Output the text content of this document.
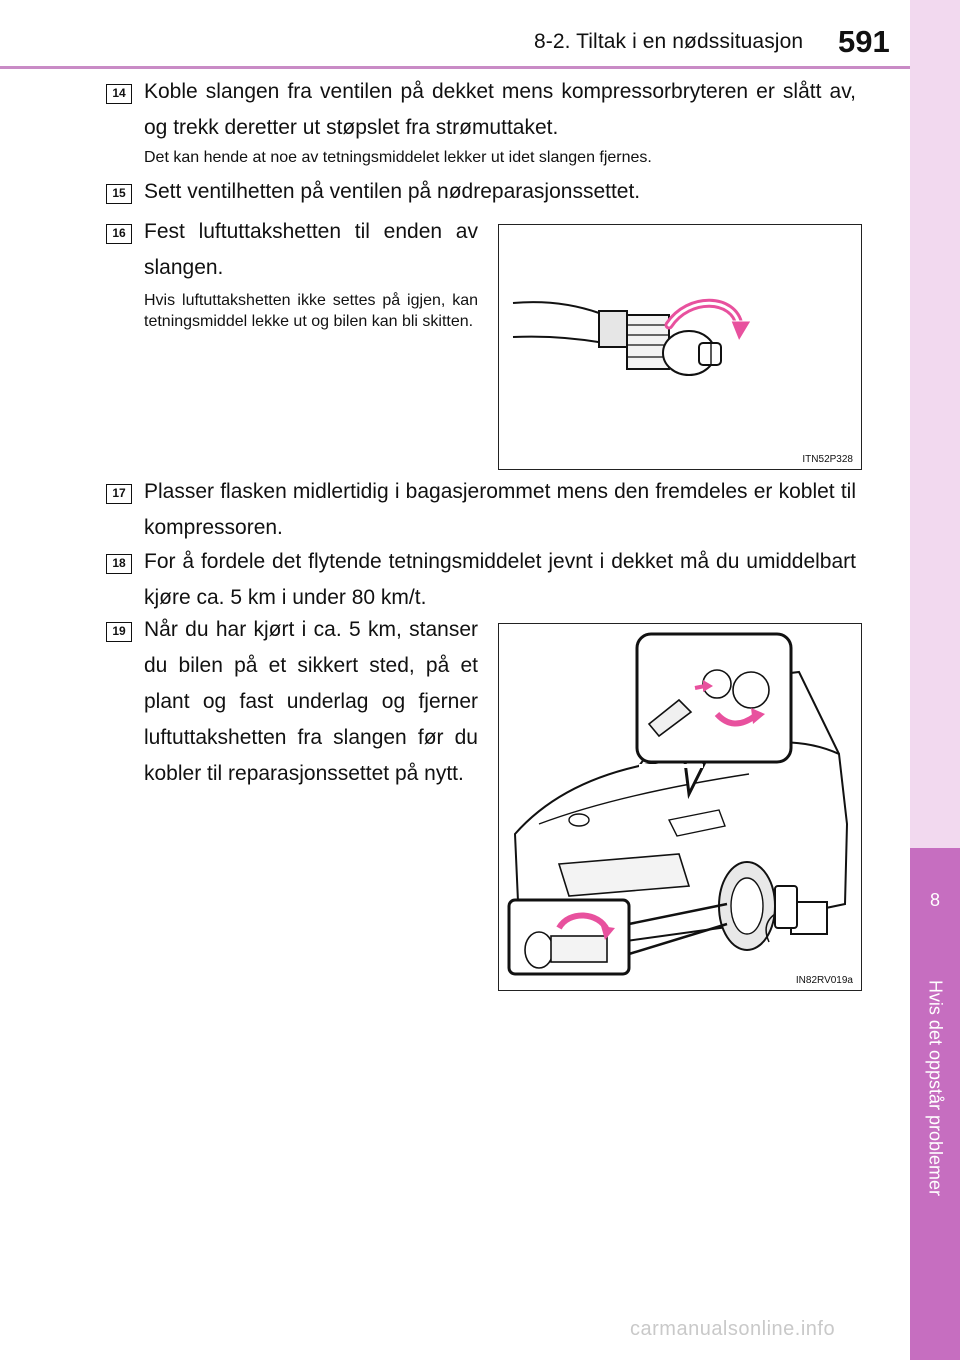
8-2. Tiltak i en nødssituasjon 591
8
Hvis det oppstår problemer
14 Koble slangen fra ventilen på dekket mens kompressorbryteren er slått av, og trekk deretter ut støpslet fra strømuttaket.
Det kan hende at noe av tetningsmiddelet lekker ut idet slangen fjernes.
15 Sett ventilhetten på ventilen på nødreparasjonssettet.
16 Fest luftuttakshetten til enden av slangen.
Hvis luftuttakshetten ikke settes på igjen, kan tetningsmiddel lekke ut og bilen kan bli skitten.
ITN52P328
17 Plasser flasken midlertidig i bagasjerommet mens den fremdeles er koblet til kompressoren.
18 For å fordele det flytende tetningsmiddelet jevnt i dekket må du umiddelbart kjøre ca. 5 km i under 80 km/t.
19 Når du har kjørt i ca. 5 km, stanser du bilen på et sikkert sted, på et plant og fast underlag og fjerner luftuttakshetten fra slangen før du kobler til reparasjonssettet på nytt.
IN82RV019a
carmanualsonline.info
